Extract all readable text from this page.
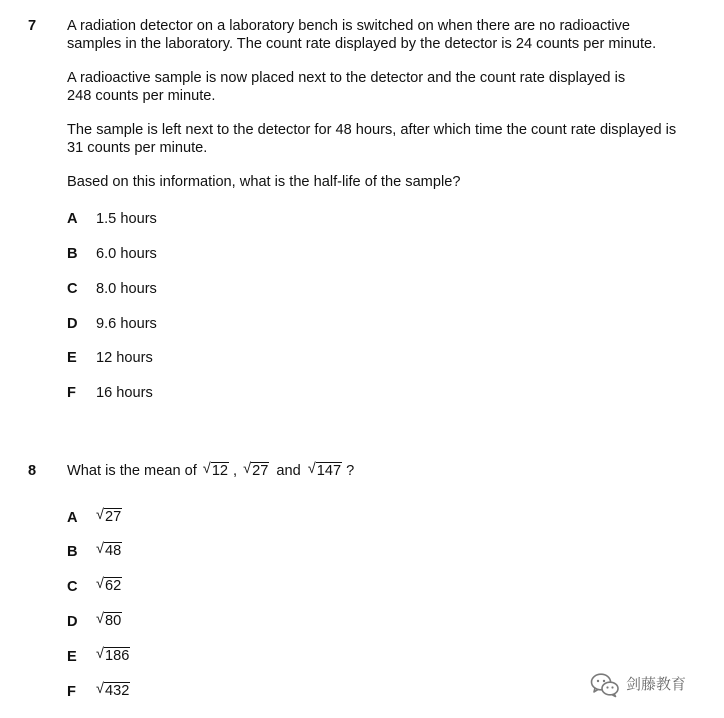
7 A radiation detector on a laboratory bench is switched on when there are no radioactive
samples in the laboratory. The count rate displayed by the detector is 24 counts per minute.
A radioactive sample is now placed next to the detector and the count rate displayed is
248 counts per minute.
The sample is left next to the detector for 48 hours, after which time the count rate displayed is
31 counts per minute.
Based on this information, what is the half-life of the sample?
A	1.5 hours
B	6.0 hours
C	8.0 hours
D	9.6 hours
E	12 hours
F	16 hours
8 What is the mean of √ 12 , √ 27 and √ 147 ?
A	√ 27
B	√ 48
C	√ 62
D	√ 80
E	√ 186
F	√ 432	剑藤教育
